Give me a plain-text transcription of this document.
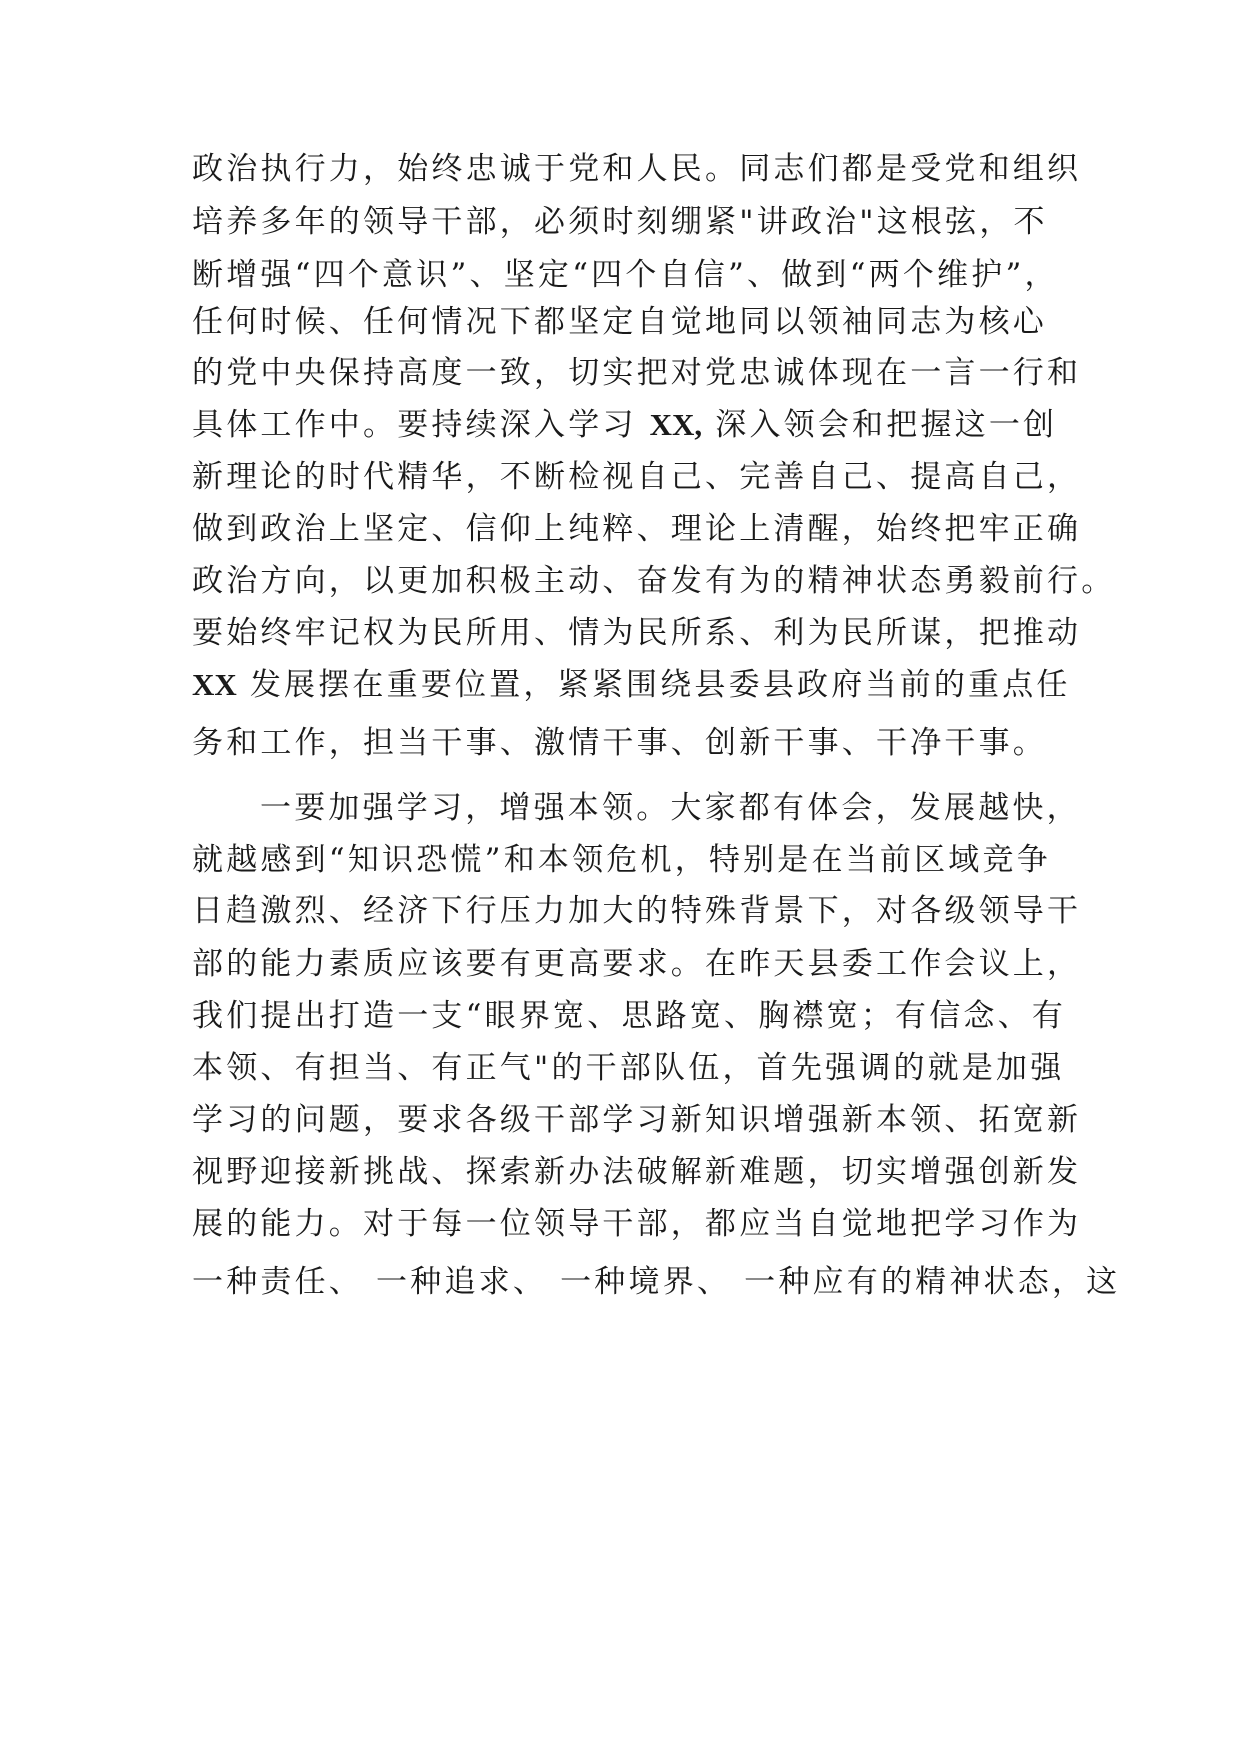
政治执行力，始终忠诚于党和人民。同志们都是受党和组织
培养多年的领导干部，必须时刻绷紧"讲政治"这根弦，不
断增强“四个意识”、坚定“四个自信”、做到“两个维护”，
任何时候、任何情况下都坚定自觉地同以领袖同志为核心
的党中央保持高度一致，切实把对党忠诚体现在一言一行和
具体工作中。要持续深入学习 XX, 深入领会和把握这一创
新理论的时代精华，不断检视自己、完善自己、提高自己，
做到政治上坚定、信仰上纯粹、理论上清醒，始终把牢正确
政治方向，以更加积极主动、奋发有为的精神状态勇毅前行。
要始终牢记权为民所用、情为民所系、利为民所谋，把推动
XX 发展摆在重要位置，紧紧围绕县委县政府当前的重点任
务和工作，担当干事、激情干事、创新干事、干净干事。
一要加强学习，增强本领。大家都有体会，发展越快，
就越感到“知识恐慌”和本领危机，特别是在当前区域竞争
日趋激烈、经济下行压力加大的特殊背景下，对各级领导干
部的能力素质应该要有更高要求。在昨天县委工作会议上，
我们提出打造一支“眼界宽、思路宽、胸襟宽；有信念、有
本领、有担当、有正气"的干部队伍，首先强调的就是加强
学习的问题，要求各级干部学习新知识增强新本领、拓宽新
视野迎接新挑战、探索新办法破解新难题，切实增强创新发
展的能力。对于每一位领导干部，都应当自觉地把学习作为
一种责任、 一种追求、 一种境界、 一种应有的精神状态，这
